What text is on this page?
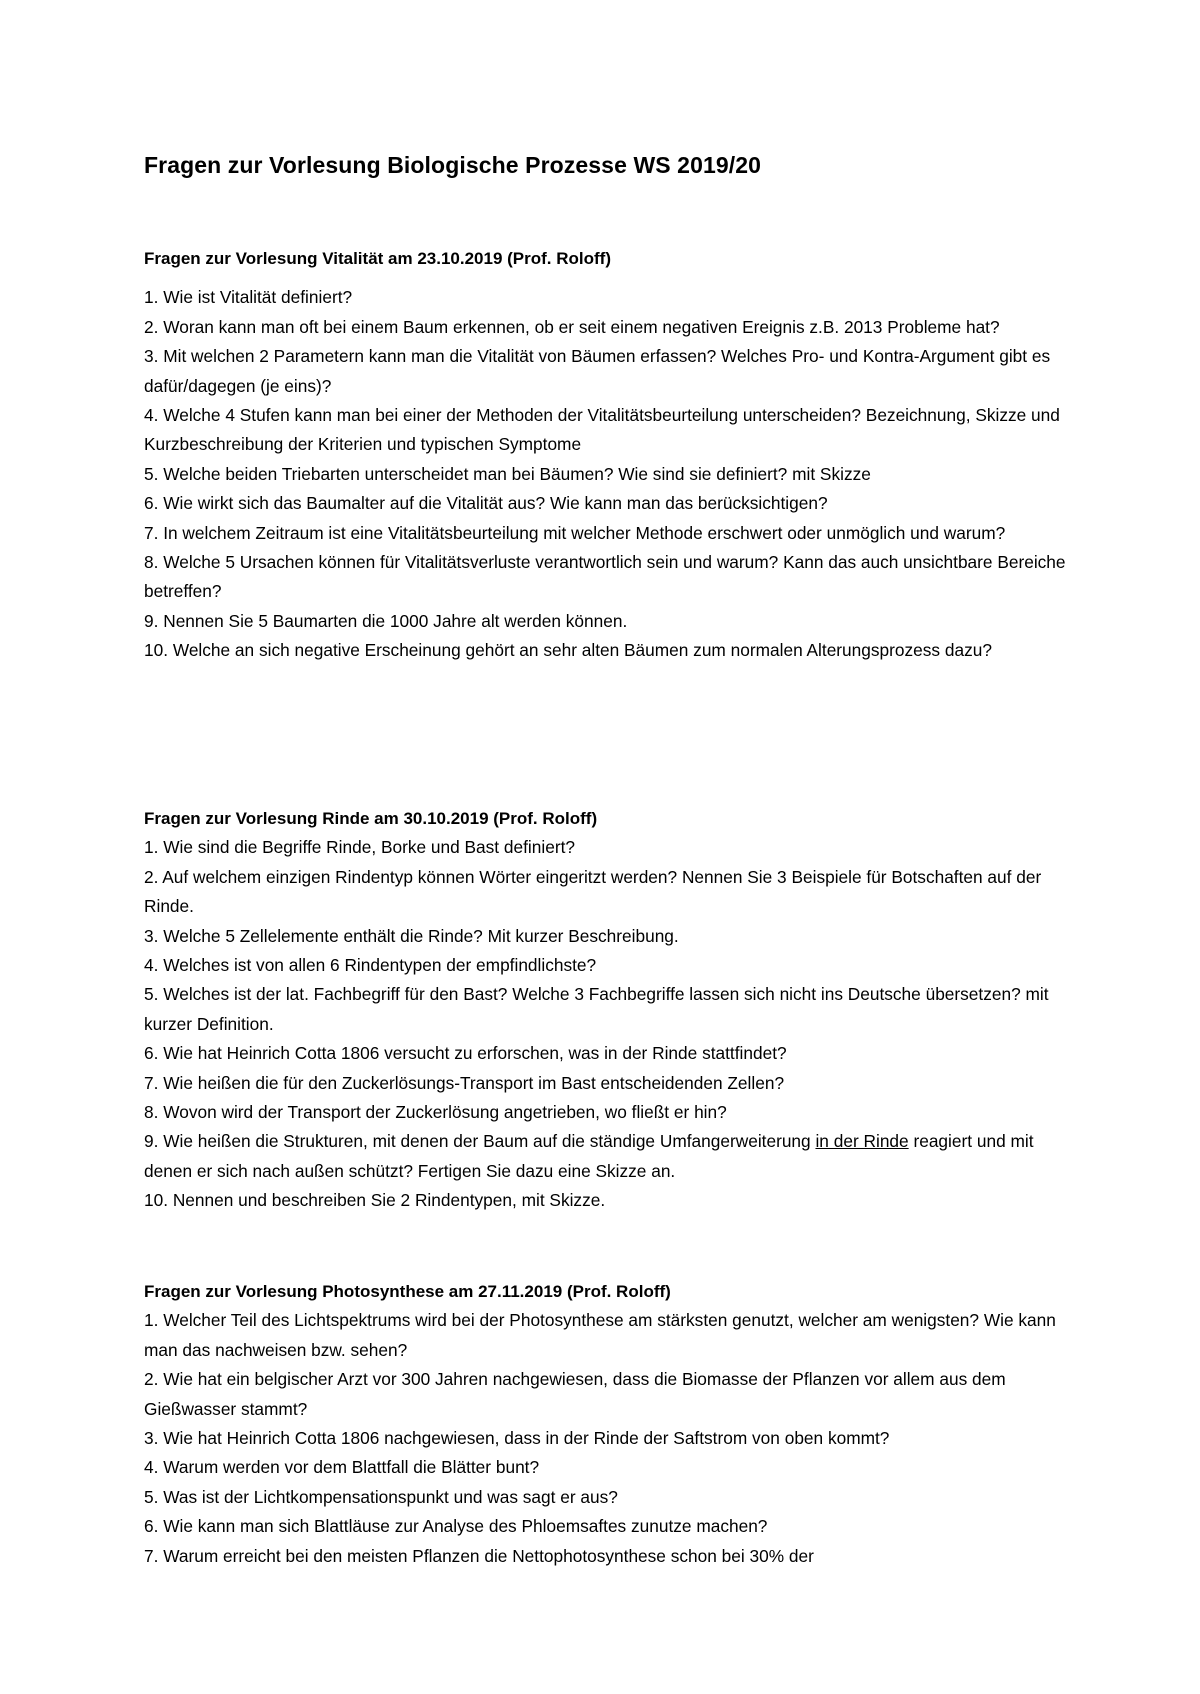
Fragen zur Vorlesung Biologische Prozesse WS 2019/20
Fragen zur Vorlesung Vitalität am 23.10.2019 (Prof. Roloff)
1. Wie ist Vitalität definiert?
2. Woran kann man oft bei einem Baum erkennen, ob er seit einem negativen Ereignis z.B. 2013 Probleme hat?
3. Mit welchen 2 Parametern kann man die Vitalität von Bäumen erfassen? Welches Pro- und Kontra-Argument gibt es dafür/dagegen (je eins)?
4. Welche 4 Stufen kann man bei einer der Methoden der Vitalitätsbeurteilung unterscheiden? Bezeichnung, Skizze und Kurzbeschreibung der Kriterien und typischen Symptome
5. Welche beiden Triebarten unterscheidet man bei Bäumen? Wie sind sie definiert? mit Skizze
6. Wie wirkt sich das Baumalter auf die Vitalität aus? Wie kann man das berücksichtigen?
7. In welchem Zeitraum ist eine Vitalitätsbeurteilung mit welcher Methode erschwert oder unmöglich und warum?
8. Welche 5 Ursachen können für Vitalitätsverluste verantwortlich sein und warum? Kann das auch unsichtbare Bereiche betreffen?
9. Nennen Sie 5 Baumarten die 1000 Jahre alt werden können.
10. Welche an sich negative Erscheinung gehört an sehr alten Bäumen zum normalen Alterungsprozess dazu?
Fragen zur Vorlesung Rinde am 30.10.2019 (Prof. Roloff)
1. Wie sind die Begriffe Rinde, Borke und Bast definiert?
2. Auf welchem einzigen Rindentyp können Wörter eingeritzt werden? Nennen Sie 3 Beispiele für Botschaften auf der Rinde.
3. Welche 5 Zellelemente enthält die Rinde? Mit kurzer Beschreibung.
4. Welches ist von allen 6 Rindentypen der empfindlichste?
5. Welches ist der lat. Fachbegriff für den Bast? Welche 3 Fachbegriffe lassen sich nicht ins Deutsche übersetzen? mit kurzer Definition.
6. Wie hat Heinrich Cotta 1806 versucht zu erforschen, was in der Rinde stattfindet?
7. Wie heißen die für den Zuckerlösungs-Transport im Bast entscheidenden Zellen?
8. Wovon wird der Transport der Zuckerlösung angetrieben, wo fließt er hin?
9. Wie heißen die Strukturen, mit denen der Baum auf die ständige Umfangerweiterung in der Rinde reagiert und mit denen er sich nach außen schützt? Fertigen Sie dazu eine Skizze an.
10. Nennen und beschreiben Sie 2 Rindentypen, mit Skizze.
Fragen zur Vorlesung Photosynthese am 27.11.2019 (Prof. Roloff)
1. Welcher Teil des Lichtspektrums wird bei der Photosynthese am stärksten genutzt, welcher am wenigsten? Wie kann man das nachweisen bzw. sehen?
2. Wie hat ein belgischer Arzt vor 300 Jahren nachgewiesen, dass die Biomasse der Pflanzen vor allem aus dem Gießwasser stammt?
3. Wie hat Heinrich Cotta 1806 nachgewiesen, dass in der Rinde der Saftstrom von oben kommt?
4. Warum werden vor dem Blattfall die Blätter bunt?
5. Was ist der Lichtkompensationspunkt und was sagt er aus?
6. Wie kann man sich Blattläuse zur Analyse des Phloemsaftes zunutze machen?
7. Warum erreicht bei den meisten Pflanzen die Nettophotosynthese schon bei 30% der
